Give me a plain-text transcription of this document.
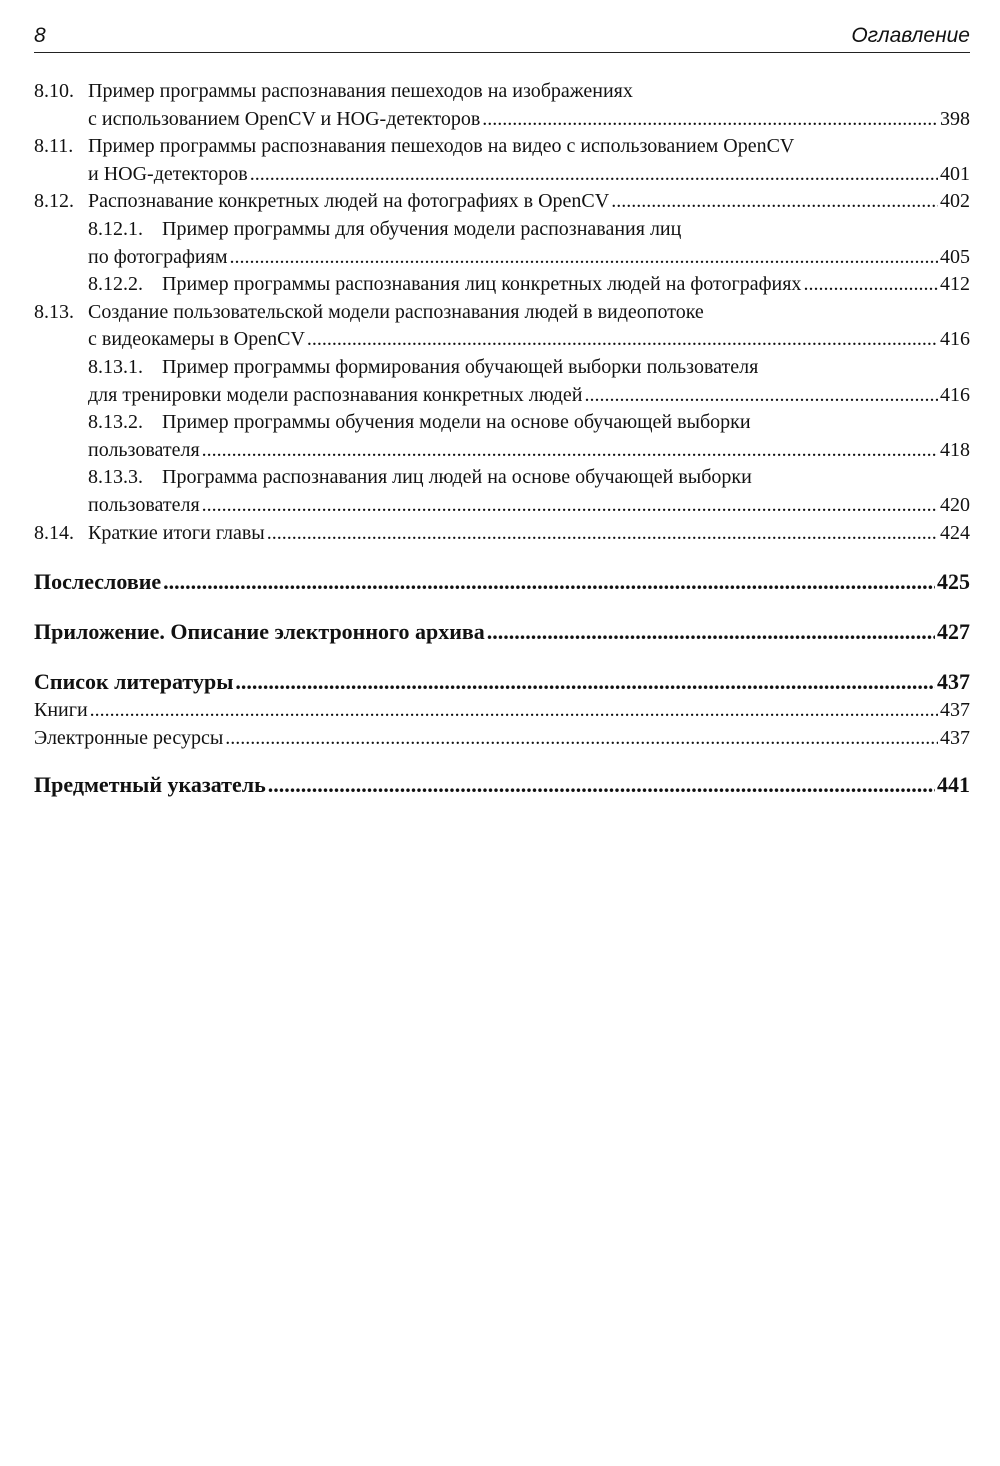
8	Оглавление
8.10. Пример программы распознавания пешеходов на изображениях
с использованием OpenCV и HOG-детекторов .....	398
8.11. Пример программы распознавания пешеходов на видео с использованием OpenCV
и HOG-детекторов .....	401
8.12. Распознавание конкретных людей на фотографиях в OpenCV .....	402
8.12.1. Пример программы для обучения модели распознавания лиц
по фотографиям .....	405
8.12.2. Пример программы распознавания лиц конкретных людей на фотографиях .....	412
8.13. Создание пользовательской модели распознавания людей в видеопотоке
с видеокамеры в OpenCV .....	416
8.13.1. Пример программы формирования обучающей выборки пользователя
для тренировки модели распознавания конкретных людей .....	416
8.13.2. Пример программы обучения модели на основе обучающей выборки
пользователя .....	418
8.13.3. Программа распознавания лиц людей на основе обучающей выборки
пользователя .....	420
8.14. Краткие итоги главы .....	424
Послесловие .....	425
Приложение. Описание электронного архива .....	427
Список литературы .....	437
Книги .....	437
Электронные ресурсы .....	437
Предметный указатель .....	441
